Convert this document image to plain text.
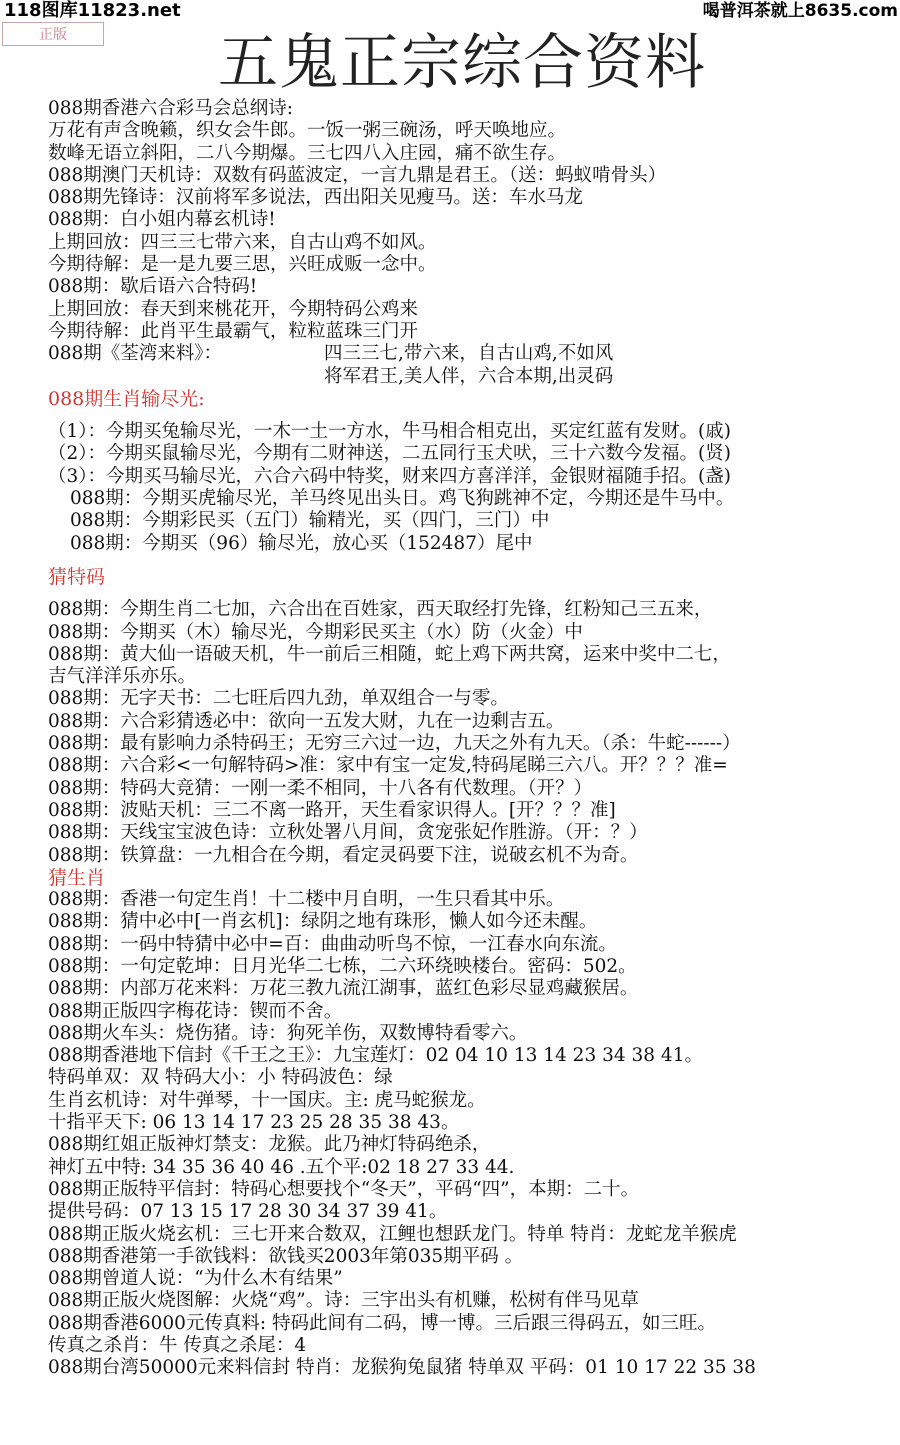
118图库11823.net	喝普洱茶就上8635.com
正版	五鬼正宗综合资料
088期香港六合彩马会总纲诗:
万花有声含晚籁，织女会牛郎。一饭一粥三碗汤，呼天唤地应。
数峰无语立斜阳，二八今期爆。三七四八入庄园，痛不欲生存。
088期澳门天机诗：双数有码蓝波定，一言九鼎是君王。（送：蚂蚁啃骨头）
088期先锋诗：汉前将军多说法，西出阳关见瘦马。送：车水马龙
088期：白小姐内幕玄机诗!
上期回放：四三三七带六来，自古山鸡不如风。
今期待解：是一是九要三思，兴旺成贩一念中。
088期：歇后语六合特码!
上期回放：春天到来桃花开，今期特码公鸡来
今期待解：此肖平生最霸气，粒粒蓝珠三门开
088期《荃湾来料》：	四三三七,带六来，自古山鸡,不如风
将军君王,美人伴，六合本期,出灵码
088期生肖输尽光:
（1）：今期买兔输尽光，一木一土一方水，牛马相合相克出，买定红蓝有发财。(戚)
（2）：今期买鼠输尽光，今期有二财神送，二五同行玉犬吠，三十六数今发福。(贤)
（3）：今期买马输尽光，六合六码中特奖，财来四方喜洋洋，金银财福随手招。(盏)
088期：今期买虎输尽光，羊马终见出头日。鸡飞狗跳神不定，今期还是牛马中。
088期：今期彩民买（五门）输精光，买（四门，三门）中
088期：今期买（96）输尽光，放心买（152487）尾中
猜特码
088期：今期生肖二七加，六合出在百姓家，西天取经打先锋，红粉知己三五来，
088期：今期买（木）输尽光，今期彩民买主（水）防（火金）中
088期：黄大仙一语破天机，牛一前后三相随，蛇上鸡下两共窝，运来中奖中二七，
吉气洋洋乐亦乐。
088期：无字天书：二七旺后四九劲，单双组合一与零。
088期：六合彩猜透必中：欲向一五发大财，九在一边剩吉五。
088期：最有影响力杀特码王；无穷三六过一边，九天之外有九天。（杀：牛蛇------）
088期：六合彩<一句解特码>准：家中有宝一定发,特码尾睇三六八。开？？？准=
088期：特码大竞猜：一刚一柔不相同，十八各有代数理。（开？）
088期：波贴天机：三二不离一路开，天生看家识得人。[开？？？准]
088期：天线宝宝波色诗：立秋处署八月间，贪宠张妃作胜游。（开：？）
088期：铁算盘：一九相合在今期，看定灵码要下注，说破玄机不为奇。
猜生肖
088期：香港一句定生肖！十二楼中月自明，一生只看其中乐。
088期：猜中必中[一肖玄机]：绿阴之地有珠形，懒人如今还未醒。
088期：一码中特猜中必中=百：曲曲动听鸟不惊，一江春水向东流。
088期：一句定乾坤：日月光华二七栋，二六环绕映楼台。密码：502。
088期：内部万花来料：万花三教九流江湖事，蓝红色彩尽显鸡藏猴居。
088期正版四字梅花诗：锲而不舍。
088期火车头：烧伤猪。诗：狗死羊伤，双数博特看零六。
088期香港地下信封《千王之王》：九宝莲灯：02 04 10 13 14 23 34 38 41。
特码单双：双 特码大小：小 特码波色：绿
生肖玄机诗：对牛弹琴，十一国庆。主: 虎马蛇猴龙。
十指平天下: 06 13 14 17 23 25 28 35 38 43。
088期红姐正版神灯禁支：龙猴。此乃神灯特码绝杀，
神灯五中特: 34 35 36 40 46 .五个平:02 18 27 33 44.
088期正版特平信封：特码心想要找个“冬天”，平码“四”，本期：二十。
提供号码：07 13 15 17 28 30 34 37 39 41。
088期正版火烧玄机：三七开来合数双，江鲤也想跃龙门。特单 特肖：龙蛇龙羊猴虎
088期香港第一手欲钱料：欲钱买2003年第035期平码 。
088期曾道人说：“为什么木有结果”
088期正版火烧图解：火烧“鸡”。诗：三宇出头有机赚，松树有伴马见草
088期香港6000元传真料: 特码此间有二码，博一博。三后跟三得码五，如三旺。
传真之杀肖：牛 传真之杀尾：4
088期台湾50000元来料信封 特肖：龙猴狗兔鼠猪 特单双 平码：01 10 17 22 35 38
